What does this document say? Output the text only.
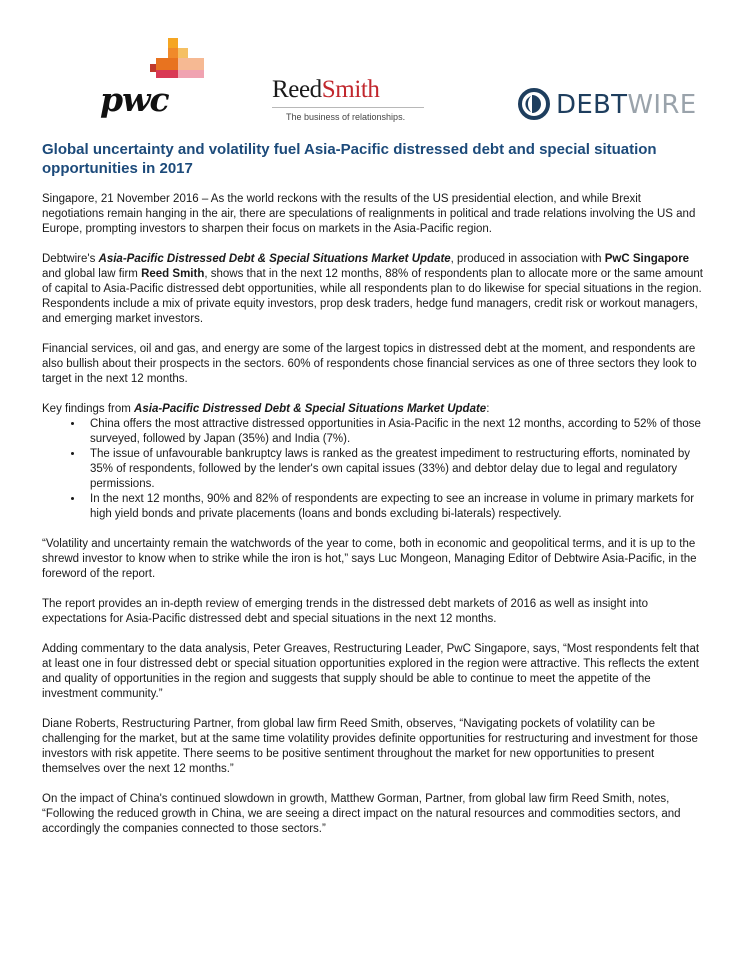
pwc	ReedSmith
The business of relationships.	DEBTWIRE
Global uncertainty and volatility fuel Asia-Pacific distressed debt and special situation opportunities in 2017

Singapore, 21 November 2016 – As the world reckons with the results of the US presidential election, and while Brexit negotiations remain hanging in the air, there are speculations of realignments in political and trade relations involving the US and Europe, prompting investors to sharpen their focus on markets in the Asia-Pacific region.

Debtwire's Asia-Pacific Distressed Debt & Special Situations Market Update, produced in association with PwC Singapore and global law firm Reed Smith, shows that in the next 12 months, 88% of respondents plan to allocate more or the same amount of capital to Asia-Pacific distressed debt opportunities, while all respondents plan to do likewise for special situations in the region. Respondents include a mix of private equity investors, prop desk traders, hedge fund managers, credit risk or workout managers, and emerging market investors.

Financial services, oil and gas, and energy are some of the largest topics in distressed debt at the moment, and respondents are also bullish about their prospects in the sectors. 60% of respondents chose financial services as one of three sectors they look to target in the next 12 months.

Key findings from Asia-Pacific Distressed Debt & Special Situations Market Update:

• China offers the most attractive distressed opportunities in Asia-Pacific in the next 12 months, according to 52% of those surveyed, followed by Japan (35%) and India (7%).
• The issue of unfavourable bankruptcy laws is ranked as the greatest impediment to restructuring efforts, nominated by 35% of respondents, followed by the lender's own capital issues (33%) and debtor delay due to legal and regulatory permissions.
• In the next 12 months, 90% and 82% of respondents are expecting to see an increase in volume in primary markets for high yield bonds and private placements (loans and bonds excluding bi-laterals) respectively.

“Volatility and uncertainty remain the watchwords of the year to come, both in economic and geopolitical terms, and it is up to the shrewd investor to know when to strike while the iron is hot,” says Luc Mongeon, Managing Editor of Debtwire Asia-Pacific, in the foreword of the report.

The report provides an in-depth review of emerging trends in the distressed debt markets of 2016 as well as insight into expectations for Asia-Pacific distressed debt and special situations in the next 12 months.

Adding commentary to the data analysis, Peter Greaves, Restructuring Leader, PwC Singapore, says, “Most respondents felt that at least one in four distressed debt or special situation opportunities explored in the region were attractive. This reflects the extent and quality of opportunities in the region and suggests that supply should be able to continue to meet the appetite of the investment community.”

Diane Roberts, Restructuring Partner, from global law firm Reed Smith, observes, “Navigating pockets of volatility can be challenging for the market, but at the same time volatility provides definite opportunities for restructuring and investment for those investors with risk appetite. There seems to be positive sentiment throughout the market for new opportunities to present themselves over the next 12 months.”

On the impact of China's continued slowdown in growth, Matthew Gorman, Partner, from global law firm Reed Smith, notes, “Following the reduced growth in China, we are seeing a direct impact on the natural resources and commodities sectors, and accordingly the companies connected to those sectors.”
